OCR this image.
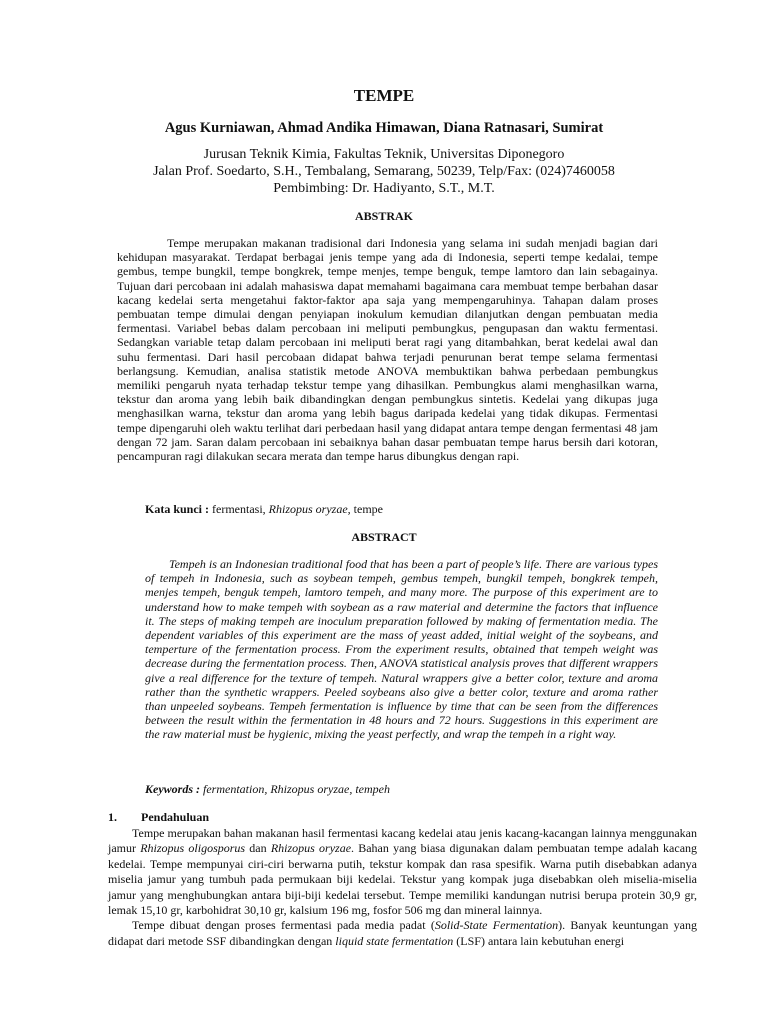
TEMPE
Agus Kurniawan, Ahmad Andika Himawan, Diana Ratnasari, Sumirat
Jurusan Teknik Kimia, Fakultas Teknik, Universitas Diponegoro
Jalan Prof. Soedarto, S.H., Tembalang, Semarang, 50239, Telp/Fax: (024)7460058
Pembimbing: Dr. Hadiyanto, S.T., M.T.
ABSTRAK

Tempe merupakan makanan tradisional dari Indonesia yang selama ini sudah menjadi bagian dari kehidupan masyarakat. Terdapat berbagai jenis tempe yang ada di Indonesia, seperti tempe kedalai, tempe gembus, tempe bungkil, tempe bongkrek, tempe menjes, tempe benguk, tempe lamtoro dan lain sebagainya. Tujuan dari percobaan ini adalah mahasiswa dapat memahami bagaimana cara membuat tempe berbahan dasar kacang kedelai serta mengetahui faktor-faktor apa saja yang mempengaruhinya. Tahapan dalam proses pembuatan tempe dimulai dengan penyiapan inokulum kemudian dilanjutkan dengan pembuatan media fermentasi. Variabel bebas dalam percobaan ini meliputi pembungkus, pengupasan dan waktu fermentasi. Sedangkan variable tetap dalam percobaan ini meliputi berat ragi yang ditambahkan, berat kedelai awal dan suhu fermentasi. Dari hasil percobaan didapat bahwa terjadi penurunan berat tempe selama fermentasi berlangsung. Kemudian, analisa statistik metode ANOVA membuktikan bahwa perbedaan pembungkus memiliki pengaruh nyata terhadap tekstur tempe yang dihasilkan. Pembungkus alami menghasilkan warna, tekstur dan aroma yang lebih baik dibandingkan dengan pembungkus sintetis. Kedelai yang dikupas juga menghasilkan warna, tekstur dan aroma yang lebih bagus daripada kedelai yang tidak dikupas. Fermentasi tempe dipengaruhi oleh waktu terlihat dari perbedaan hasil yang didapat antara tempe dengan fermentasi 48 jam dengan 72 jam. Saran dalam percobaan ini sebaiknya bahan dasar pembuatan tempe harus bersih dari kotoran, pencampuran ragi dilakukan secara merata dan tempe harus dibungkus dengan rapi.

Kata kunci : fermentasi, Rhizopus oryzae, tempe
ABSTRACT

Tempeh is an Indonesian traditional food that has been a part of people’s life. There are various types of tempeh in Indonesia, such as soybean tempeh, gembus tempeh, bungkil tempeh, bongkrek tempeh, menjes tempeh, benguk tempeh, lamtoro tempeh, and many more. The purpose of this experiment are to understand how to make tempeh with soybean as a raw material and determine the factors that influence it. The steps of making tempeh are inoculum preparation followed by making of fermentation media. The dependent variables of this experiment are the mass of yeast added, initial weight of the soybeans, and temperture of the fermentation process. From the experiment results, obtained that tempeh weight was decrease during the fermentation process. Then, ANOVA statistical analysis proves that different wrappers give a real difference for the texture of tempeh. Natural wrappers give a better color, texture and aroma rather than the synthetic wrappers. Peeled soybeans also give a better color, texture and aroma rather than unpeeled soybeans. Tempeh fermentation is influence by time that can be seen from the differences between the result within the fermentation in 48 hours and 72 hours. Suggestions in this experiment are the raw material must be hygienic, mixing the yeast perfectly, and wrap the tempeh in a right way.

Keywords : fermentation, Rhizopus oryzae, tempeh
1. Pendahuluan

Tempe merupakan bahan makanan hasil fermentasi kacang kedelai atau jenis kacang-kacangan lainnya menggunakan jamur Rhizopus oligosporus dan Rhizopus oryzae. Bahan yang biasa digunakan dalam pembuatan tempe adalah kacang kedelai. Tempe mempunyai ciri-ciri berwarna putih, tekstur kompak dan rasa spesifik. Warna putih disebabkan adanya miselia jamur yang tumbuh pada permukaan biji kedelai. Tekstur yang kompak juga disebabkan oleh miselia-miselia jamur yang menghubungkan antara biji-biji kedelai tersebut. Tempe memiliki kandungan nutrisi berupa protein 30,9 gr, lemak 15,10 gr, karbohidrat 30,10 gr, kalsium 196 mg, fosfor 506 mg dan mineral lainnya.

Tempe dibuat dengan proses fermentasi pada media padat (Solid-State Fermentation). Banyak keuntungan yang didapat dari metode SSF dibandingkan dengan liquid state fermentation (LSF) antara lain kebutuhan energi
